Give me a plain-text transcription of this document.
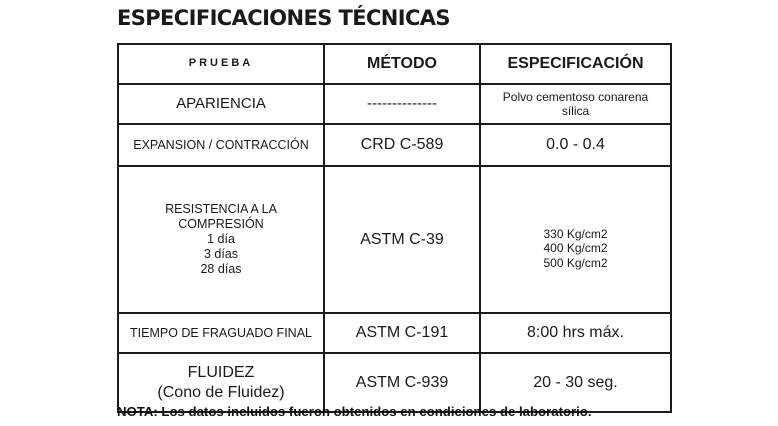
ESPECIFICACIONES TÉCNICAS
PRUEBA	MÉTODO	ESPECIFICACIÓN
APARIENCIA	--------------	Polvo cementoso conarena
sílica

EXPANSION / CONTRACCIÓN	CRD C-589	0.0 - 0.4

RESISTENCIA A LA
COMPRESIÓN
1 día
3 días
28 días	ASTM C-39	330 Kg/cm2
400 Kg/cm2
500 Kg/cm2

TIEMPO DE FRAGUADO FINAL	ASTM C-191	8:00 hrs máx.

FLUIDEZ
(Cono de Fluidez)	ASTM C-939	20 - 30 seg.
NOTA: Los datos incluidos fueron obtenidos en condiciones de laboratorio.
